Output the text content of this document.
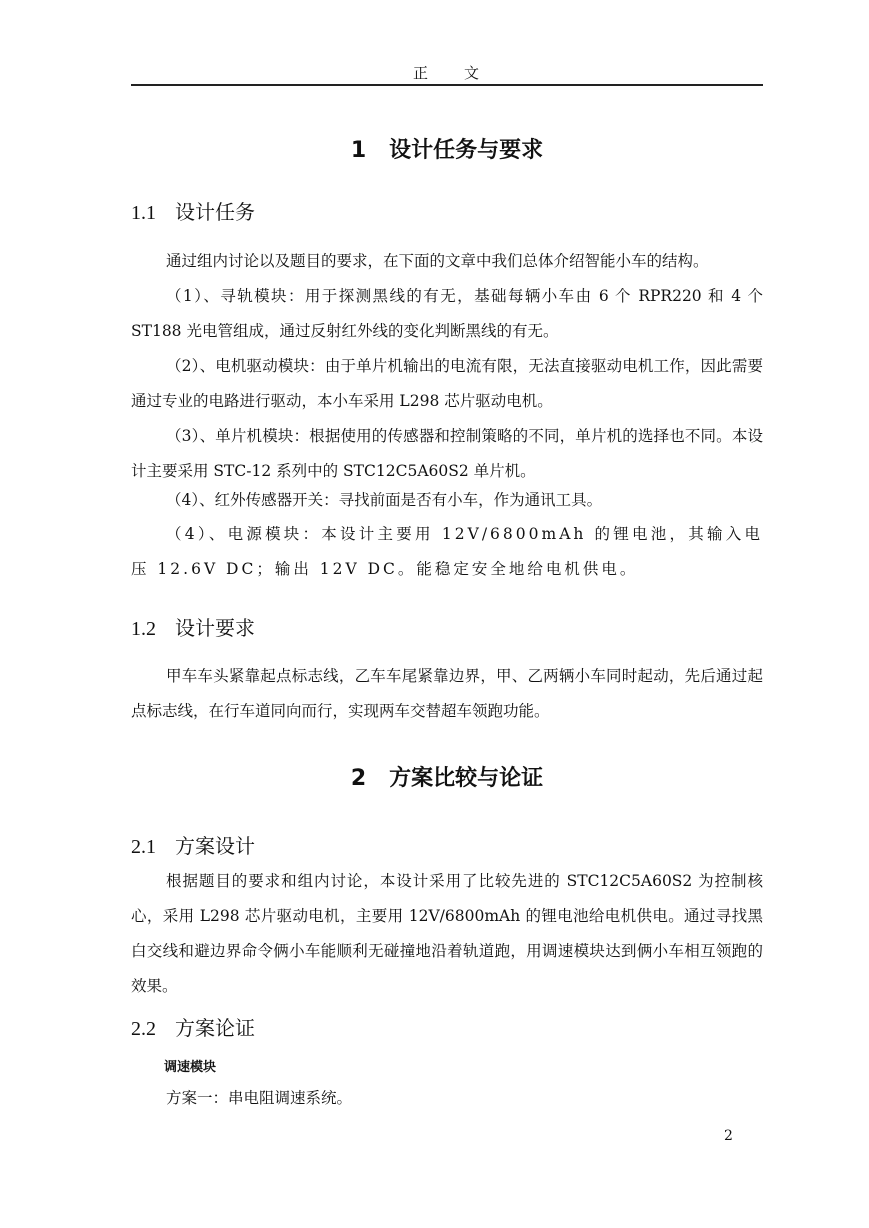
正　　文
1 设计任务与要求
1.1 设计任务
通过组内讨论以及题目的要求，在下面的文章中我们总体介绍智能小车的结构。
（1）、寻轨模块：用于探测黑线的有无，基础每辆小车由 6 个 RPR220 和 4 个 ST188 光电管组成，通过反射红外线的变化判断黑线的有无。
（2）、电机驱动模块：由于单片机输出的电流有限，无法直接驱动电机工作，因此需要通过专业的电路进行驱动，本小车采用 L298 芯片驱动电机。
（3）、单片机模块：根据使用的传感器和控制策略的不同，单片机的选择也不同。本设计主要采用 STC-12 系列中的 STC12C5A60S2 单片机。
（4）、红外传感器开关：寻找前面是否有小车，作为通讯工具。
（4）、电源模块：本设计主要用 12V/6800mAh 的锂电池，其输入电压 12.6V DC；输出 12V DC。能稳定安全地给电机供电。
1.2 设计要求
甲车车头紧靠起点标志线，乙车车尾紧靠边界，甲、乙两辆小车同时起动，先后通过起点标志线，在行车道同向而行，实现两车交替超车领跑功能。
2 方案比较与论证
2.1 方案设计
根据题目的要求和组内讨论，本设计采用了比较先进的 STC12C5A60S2 为控制核心，采用 L298 芯片驱动电机，主要用 12V/6800mAh 的锂电池给电机供电。通过寻找黑白交线和避边界命令俩小车能顺利无碰撞地沿着轨道跑，用调速模块达到俩小车相互领跑的效果。
2.2 方案论证
调速模块
方案一：串电阻调速系统。
2
